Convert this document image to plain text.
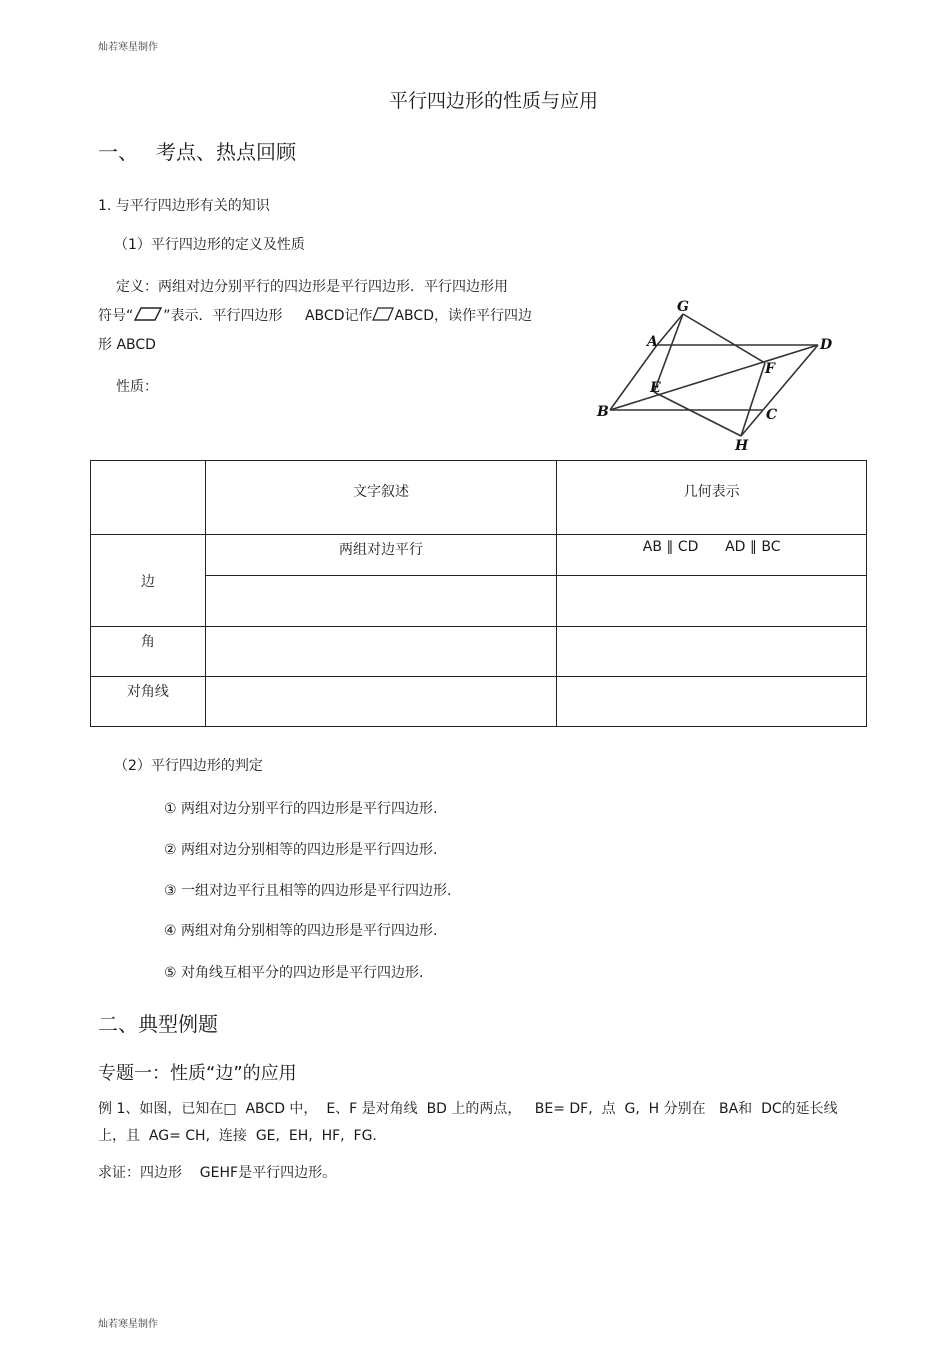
灿若寒星制作
平行四边形的性质与应用
一、 考点、热点回顾
1. 与平行四边形有关的知识
（1）平行四边形的定义及性质
定义：两组对边分别平行的四边形是平行四边形．平行四边形用
符号“ ”表示．平行四边形 ABCD记作 ABCD，读作平行四边
形 ABCD
性质：
G
A	D
F
E
B	C
H
	文字叙述	几何表示
边	两组对边平行	AB ∥ CD      AD ∥ BC

角		
对角线		
（2）平行四边形的判定
① 两组对边分别平行的四边形是平行四边形.
② 两组对边分别相等的四边形是平行四边形.
③ 一组对边平行且相等的四边形是平行四边形.
④ 两组对角分别相等的四边形是平行四边形.
⑤ 对角线互相平分的四边形是平行四边形.
二、典型例题
专题一：性质“边”的应用
例 1、如图，已知在□  ABCD 中，  E、F 是对角线  BD 上的两点，   BE= DF,  点  G,  H 分别在   BA和  DC的延长线
上，且  AG= CH,  连接  GE,  EH,  HF,  FG.
求证：四边形    GEHF是平行四边形。
灿若寒星制作
